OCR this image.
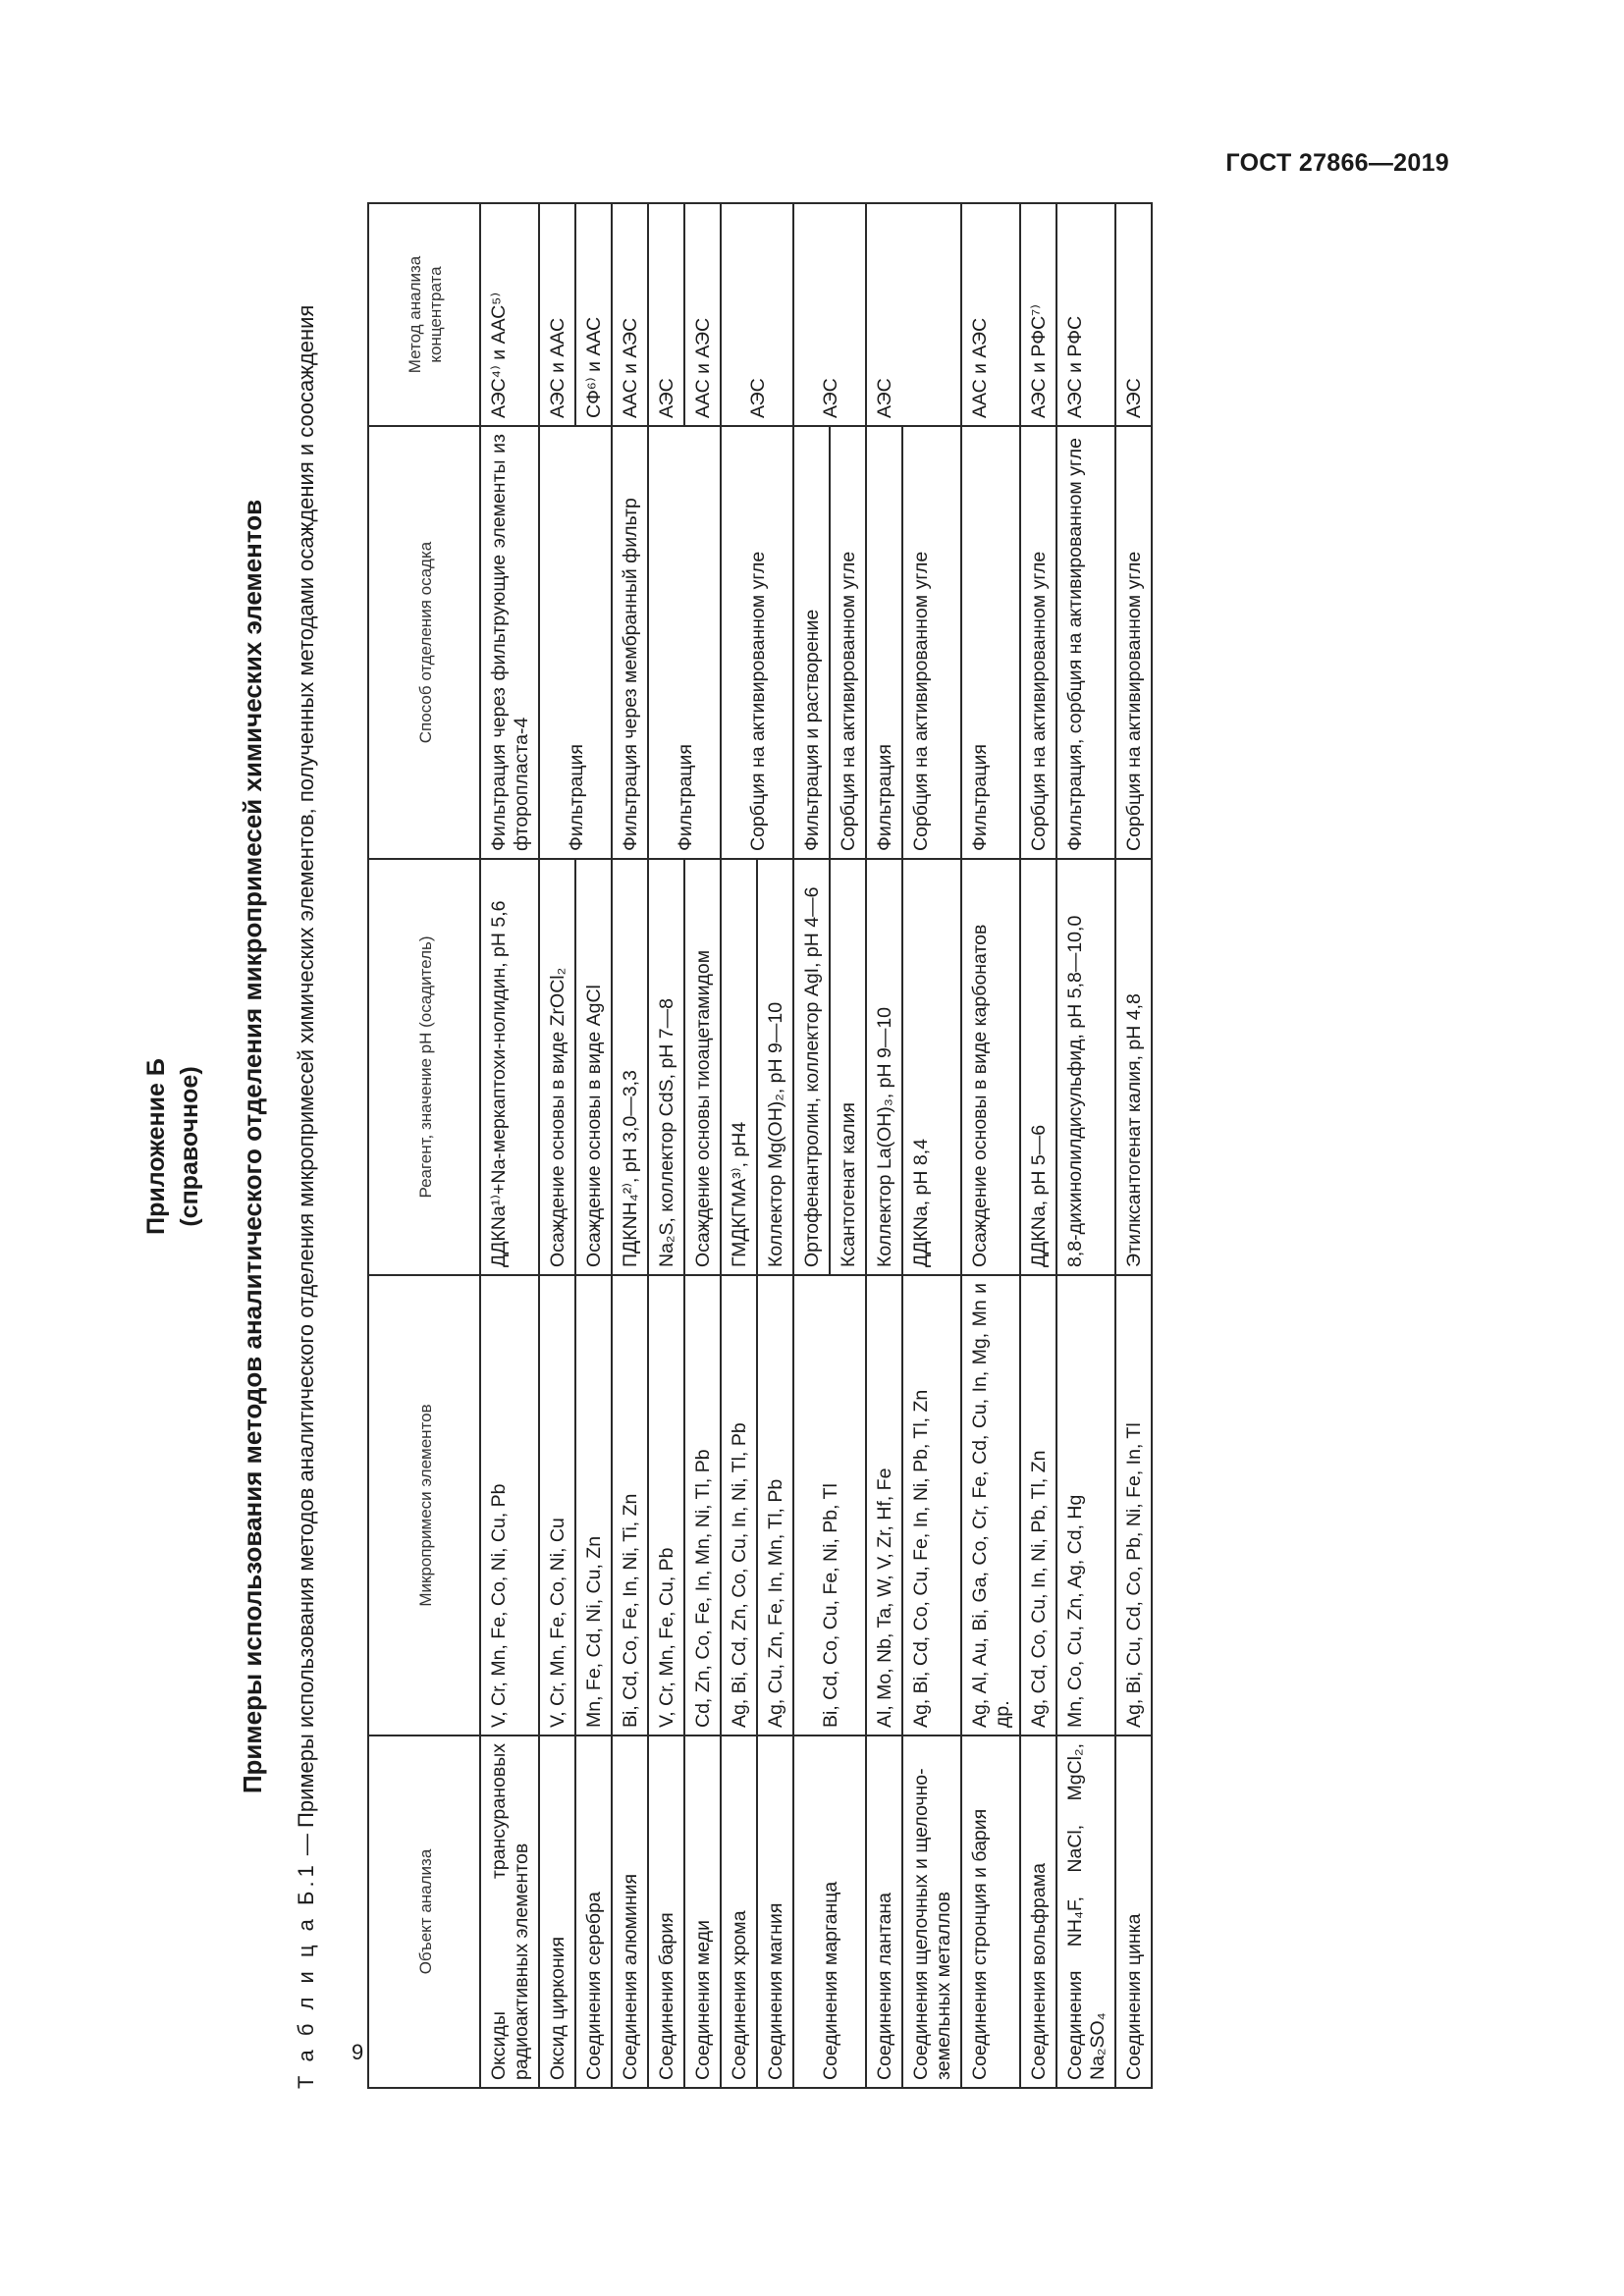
ГОСТ 27866—2019
9
Приложение Б (справочное) Примеры использования методов аналитического отделения микропримесей химических элементов
Т а б л и ц а Б.1 — Примеры использования методов аналитического отделения микропримесей химических элементов, полученных методами осаждения и соосаждения
Объект анализа	Микропримеси элементов	Реагент, значение pH (осадитель)	Способ отделения осадка	Метод анализа концентрата
Оксиды трансурановых радиоактивных элементов	V, Cr, Mn, Fe, Co, Ni, Cu, Pb	ДДКNa¹⁾+Na-меркаптохи-нолидин, pH 5,6	Фильтрация через фильтрующие элементы из фторопласта-4	АЭС⁴⁾ и ААС⁵⁾
Оксид циркония	V, Cr, Mn, Fe, Co, Ni, Cu	Осаждение основы в виде ZrOCl₂	Фильтрация	АЭС и ААС
Соединения серебра	Mn, Fe, Cd, Ni, Cu, Zn	Осаждение основы в виде AgCl		СФ⁶⁾ и ААС
Соединения алюминия	Bi, Cd, Co, Fe, In, Ni, Ti, Zn	ПДКNH₄²⁾, pH 3,0—3,3	Фильтрация через мембранный фильтр	ААС и АЭС
Соединения бария	V, Cr, Mn, Fe, Cu, Pb	Na₂S, коллектор CdS, pH 7—8	Фильтрация	АЭС
Соединения меди	Cd, Zn, Co, Fe, In, Mn, Ni, Tl, Pb	Осаждение основы тиоацетамидом		ААС и АЭС
Соединения хрома	Ag, Bi, Cd, Zn, Co, Cu, In, Ni, Tl, Pb	ГМДКГМА³⁾, pH4	Сорбция на активированном угле	АЭС
Соединения магния	Ag, Cu, Zn, Fe, In, Mn, Tl, Pb	Коллектор Mg(OH)₂, pH 9—10		
Соединения марганца	Bi, Cd, Co, Cu, Fe, Ni, Pb, Tl	Ортофенантролин, коллектор AgI, pH 4—6	Фильтрация и растворение	АЭС
		Ксантогенат калия	Сорбция на активированном угле	
Соединения лантана	Al, Mo, Nb, Ta, W, V, Zr, Hf, Fe	Коллектор La(OH)₃, pH 9—10	Фильтрация	АЭС
Соединения щелочных и щелочно-земельных металлов	Ag, Bi, Cd, Co, Cu, Fe, In, Ni, Pb, Tl, Zn	ДДКNa, pH 8,4	Сорбция на активированном угле	
Соединения стронция и бария	Ag, Al, Au, Bi, Ga, Co, Cr, Fe, Cd, Cu, In, Mg, Mn и др.	Осаждение основы в виде карбонатов	Фильтрация	ААС и АЭС
Соединения вольфрама	Ag, Cd, Co, Cu, In, Ni, Pb, Tl, Zn	ДДКNa, pH 5—6	Сорбция на активированном угле	АЭС и РФС⁷⁾
Соединения NH₄F, NaCl, MgCl₂, Na₂SO₄	Mn, Co, Cu, Zn, Ag, Cd, Hg	8,8-дихинолилдисульфид, pH 5,8—10,0	Фильтрация, сорбция на активированном угле	АЭС и РФС
Соединения цинка	Ag, Bi, Cu, Cd, Co, Pb, Ni, Fe, In, Tl	Этилксантогенат калия, pH 4,8	Сорбция на активированном угле	АЭС
